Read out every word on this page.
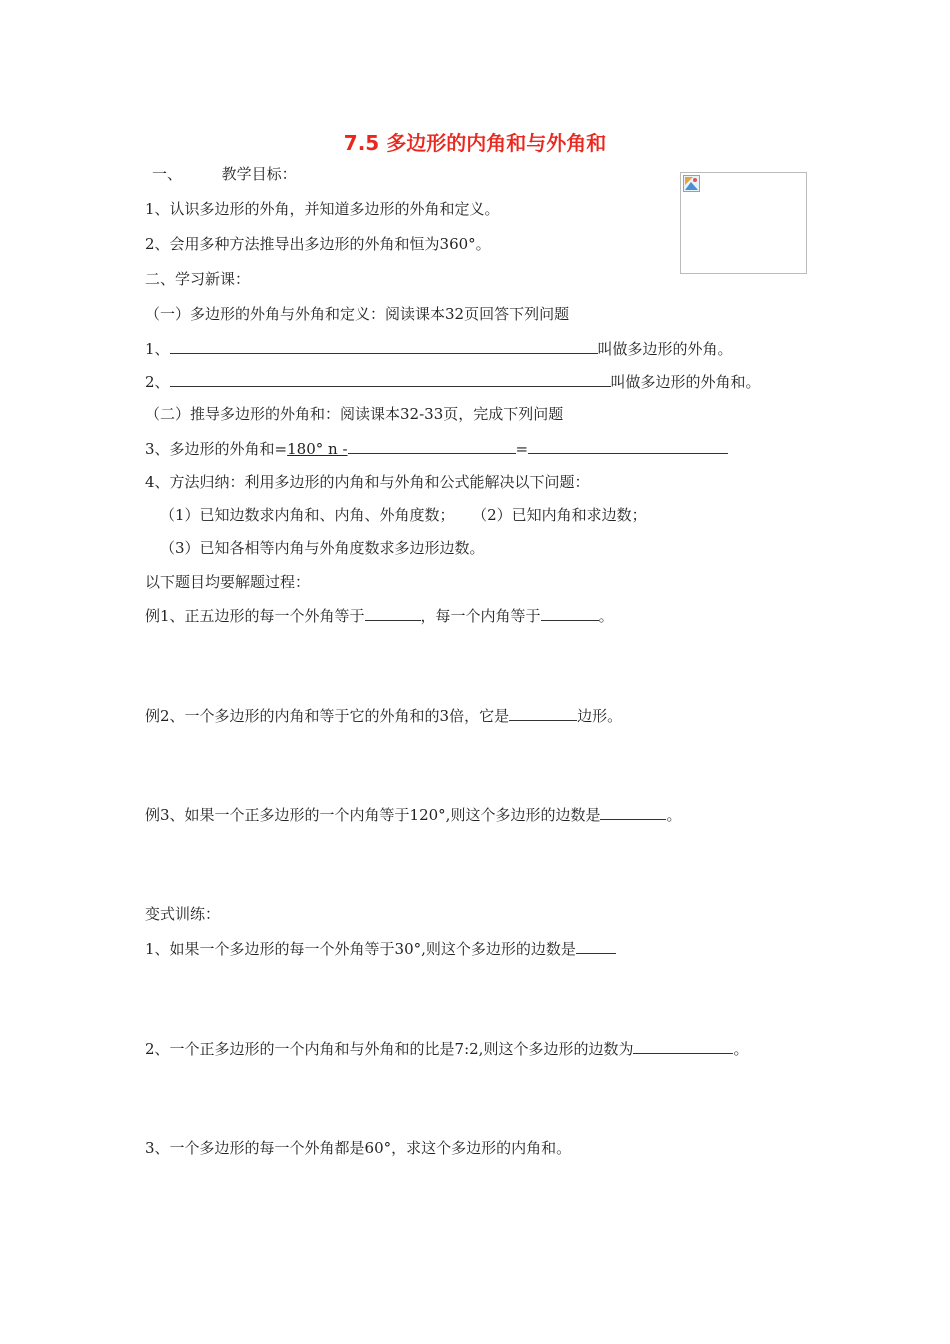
7.5 多边形的内角和与外角和
一、	教学目标：
1、认识多边形的外角，并知道多边形的外角和定义。
2、会用多种方法推导出多边形的外角和恒为360°。
二、学习新课：
（一）多边形的外角与外角和定义：阅读课本32页回答下列问题
1、	叫做多边形的外角。
2、	叫做多边形的外角和。
（二）推导多边形的外角和：阅读课本32-33页，完成下列问题
3、多边形的外角和=180° n -	=
4、方法归纳：利用多边形的内角和与外角和公式能解决以下问题：
（1）已知边数求内角和、内角、外角度数； （2）已知内角和求边数；
（3）已知各相等内角与外角度数求多边形边数。
以下题目均要解题过程：
例1、正五边形的每一个外角等于	，每一个内角等于	。
例2、一个多边形的内角和等于它的外角和的3倍，它是	边形。
例3、如果一个正多边形的一个内角等于120°,则这个多边形的边数是	。
变式训练：
1、如果一个多边形的每一个外角等于30°,则这个多边形的边数是
2、一个正多边形的一个内角和与外角和的比是7:2,则这个多边形的边数为	。
3、一个多边形的每一个外角都是60°，求这个多边形的内角和。
